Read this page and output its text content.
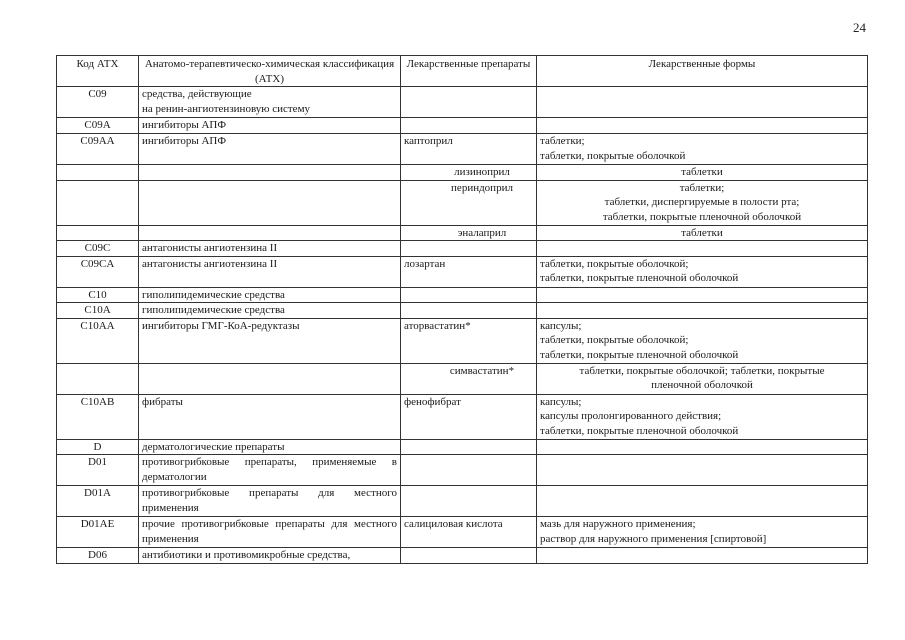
24
Код АТХ	Анатомо-терапевтическо-химическая классификация (АТХ)	Лекарственные препараты	Лекарственные формы
C09	средства, действующие
на ренин-ангиотензиновую систему		

C09A	ингибиторы АПФ		
C09AA	ингибиторы АПФ	каптоприл	таблетки;
таблетки, покрытые оболочкой

		лизиноприл	таблетки
		периндоприл	таблетки;
таблетки, диспергируемые в полости рта;
таблетки, покрытые пленочной оболочкой

		эналаприл	таблетки
C09C	антагонисты ангиотензина II		
C09CA	антагонисты ангиотензина II	лозартан	таблетки, покрытые оболочкой;
таблетки, покрытые пленочной оболочкой

C10	гиполипидемические средства		
C10A	гиполипидемические средства		
C10AA	ингибиторы ГМГ-КоА-редуктазы	аторвастатин*	капсулы;
таблетки, покрытые оболочкой;
таблетки, покрытые пленочной оболочкой

		симвастатин*	таблетки, покрытые оболочкой; таблетки, покрытые
пленочной оболочкой

C10AB	фибраты	фенофибрат	капсулы;
капсулы пролонгированного действия;
таблетки, покрытые пленочной оболочкой

D	дерматологические препараты		
D01	противогрибковые препараты, применяемые в дерматологии		
D01A	противогрибковые препараты для местного применения		
D01AE	прочие противогрибковые препараты для местного применения	салициловая кислота	мазь для наружного применения;
раствор для наружного применения [спиртовой]

D06	антибиотики и противомикробные средства,		
